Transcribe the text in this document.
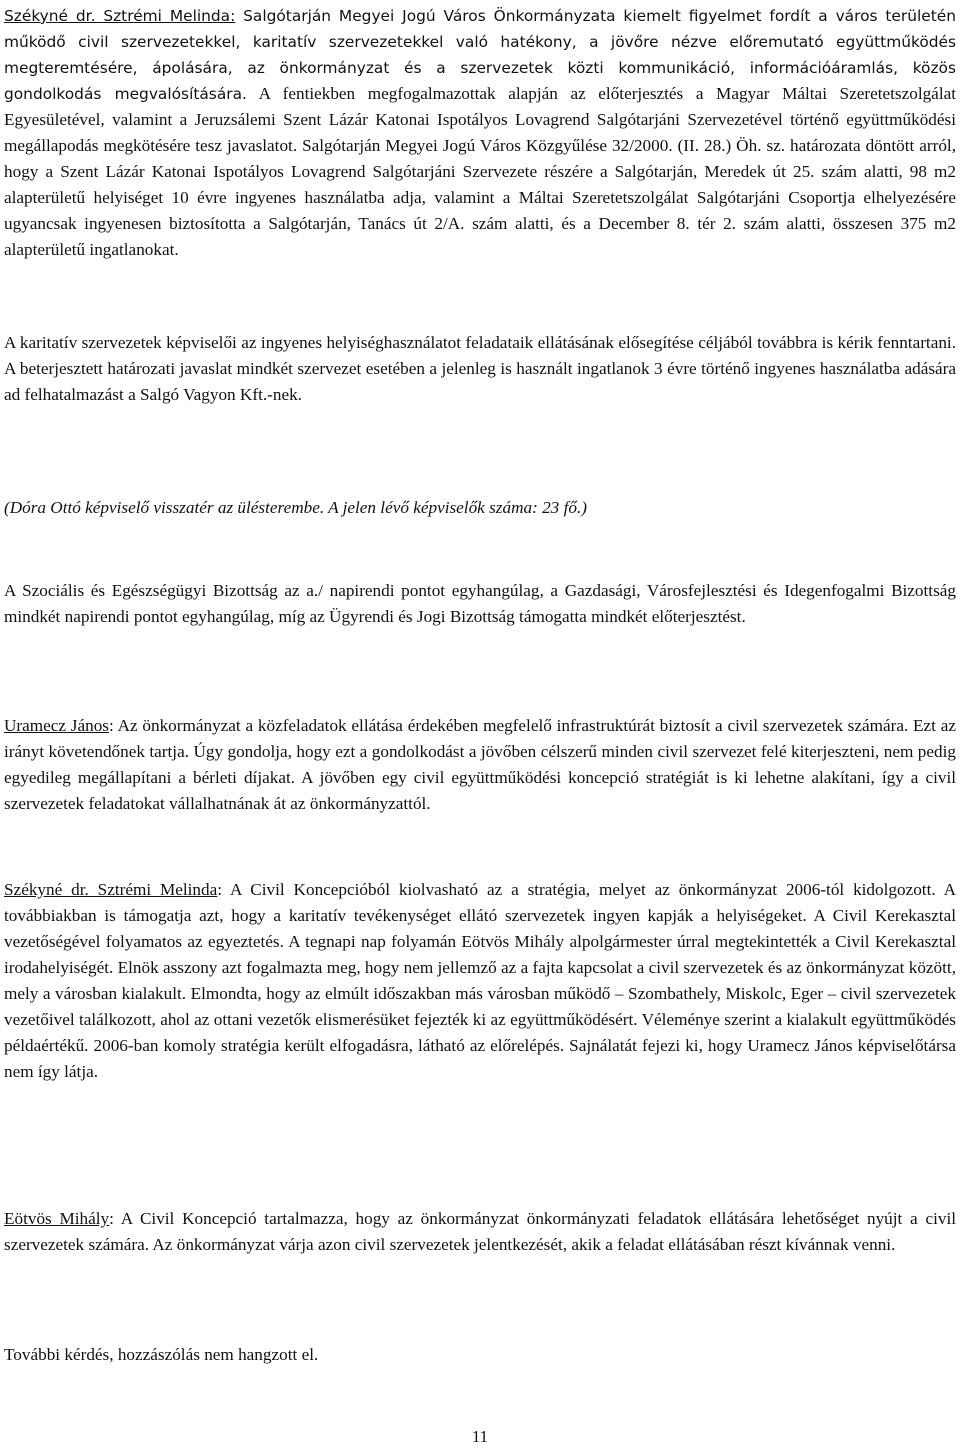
Székyné dr. Sztrémi Melinda: Salgótarján Megyei Jogú Város Önkormányzata kiemelt figyelmet fordít a város területén működő civil szervezetekkel, karitatív szervezetekkel való hatékony, a jövőre nézve előremutató együttműködés megteremtésére, ápolására, az önkormányzat és a szervezetek közti kommunikáció, információáramlás, közös gondolkodás megvalósítására. A fentiekben megfogalmazottak alapján az előterjesztés a Magyar Máltai Szeretetszolgálat Egyesületével, valamint a Jeruzsálemi Szent Lázár Katonai Ispotályos Lovagrend Salgótarjáni Szervezetével történő együttműködési megállapodás megkötésére tesz javaslatot. Salgótarján Megyei Jogú Város Közgyűlése 32/2000. (II. 28.) Öh. sz. határozata döntött arról, hogy a Szent Lázár Katonai Ispotályos Lovagrend Salgótarjáni Szervezete részére a Salgótarján, Meredek út 25. szám alatti, 98 m2 alapterületű helyiséget 10 évre ingyenes használatba adja, valamint a Máltai Szeretetszolgálat Salgótarjáni Csoportja elhelyezésére ugyancsak ingyenesen biztosította a Salgótarján, Tanács út 2/A. szám alatti, és a December 8. tér 2. szám alatti, összesen 375 m2 alapterületű ingatlanokat.

A karitatív szervezetek képviselői az ingyenes helyiséghasználatot feladataik ellátásának elősegítése céljából továbbra is kérik fenntartani. A beterjesztett határozati javaslat mindkét szervezet esetében a jelenleg is használt ingatlanok 3 évre történő ingyenes használatba adására ad felhatalmazást a Salgó Vagyon Kft.-nek.

(Dóra Ottó képviselő visszatér az ülésterembe. A jelen lévő képviselők száma: 23 fő.)

A Szociális és Egészségügyi Bizottság az a./ napirendi pontot egyhangúlag, a Gazdasági, Városfejlesztési és Idegenfogalmi Bizottság mindkét napirendi pontot egyhangúlag, míg az Ügyrendi és Jogi Bizottság támogatta mindkét előterjesztést.

Uramecz János: Az önkormányzat a közfeladatok ellátása érdekében megfelelő infrastruktúrát biztosít a civil szervezetek számára. Ezt az irányt követendőnek tartja. Úgy gondolja, hogy ezt a gondolkodást a jövőben célszerű minden civil szervezet felé kiterjeszteni, nem pedig egyedileg megállapítani a bérleti díjakat. A jövőben egy civil együttműködési koncepció stratégiát is ki lehetne alakítani, így a civil szervezetek feladatokat vállalhatnának át az önkormányzattól.

Székyné dr. Sztrémi Melinda: A Civil Koncepcióból kiolvasható az a stratégia, melyet az önkormányzat 2006-tól kidolgozott. A továbbiakban is támogatja azt, hogy a karitatív tevékenységet ellátó szervezetek ingyen kapják a helyiségeket. A Civil Kerekasztal vezetőségével folyamatos az egyeztetés. A tegnapi nap folyamán Eötvös Mihály alpolgármester úrral megtekintették a Civil Kerekasztal irodahelyiségét. Elnök asszony azt fogalmazta meg, hogy nem jellemző az a fajta kapcsolat a civil szervezetek és az önkormányzat között, mely a városban kialakult. Elmondta, hogy az elmúlt időszakban más városban működő – Szombathely, Miskolc, Eger – civil szervezetek vezetőivel találkozott, ahol az ottani vezetők elismerésüket fejezték ki az együttműködésért. Véleménye szerint a kialakult együttműködés példaértékű. 2006-ban komoly stratégia került elfogadásra, látható az előrelépés. Sajnálatát fejezi ki, hogy Uramecz János képviselőtársa nem így látja.

Eötvös Mihály: A Civil Koncepció tartalmazza, hogy az önkormányzat önkormányzati feladatok ellátására lehetőséget nyújt a civil szervezetek számára. Az önkormányzat várja azon civil szervezetek jelentkezését, akik a feladat ellátásában részt kívánnak venni.

További kérdés, hozzászólás nem hangzott el.

11
